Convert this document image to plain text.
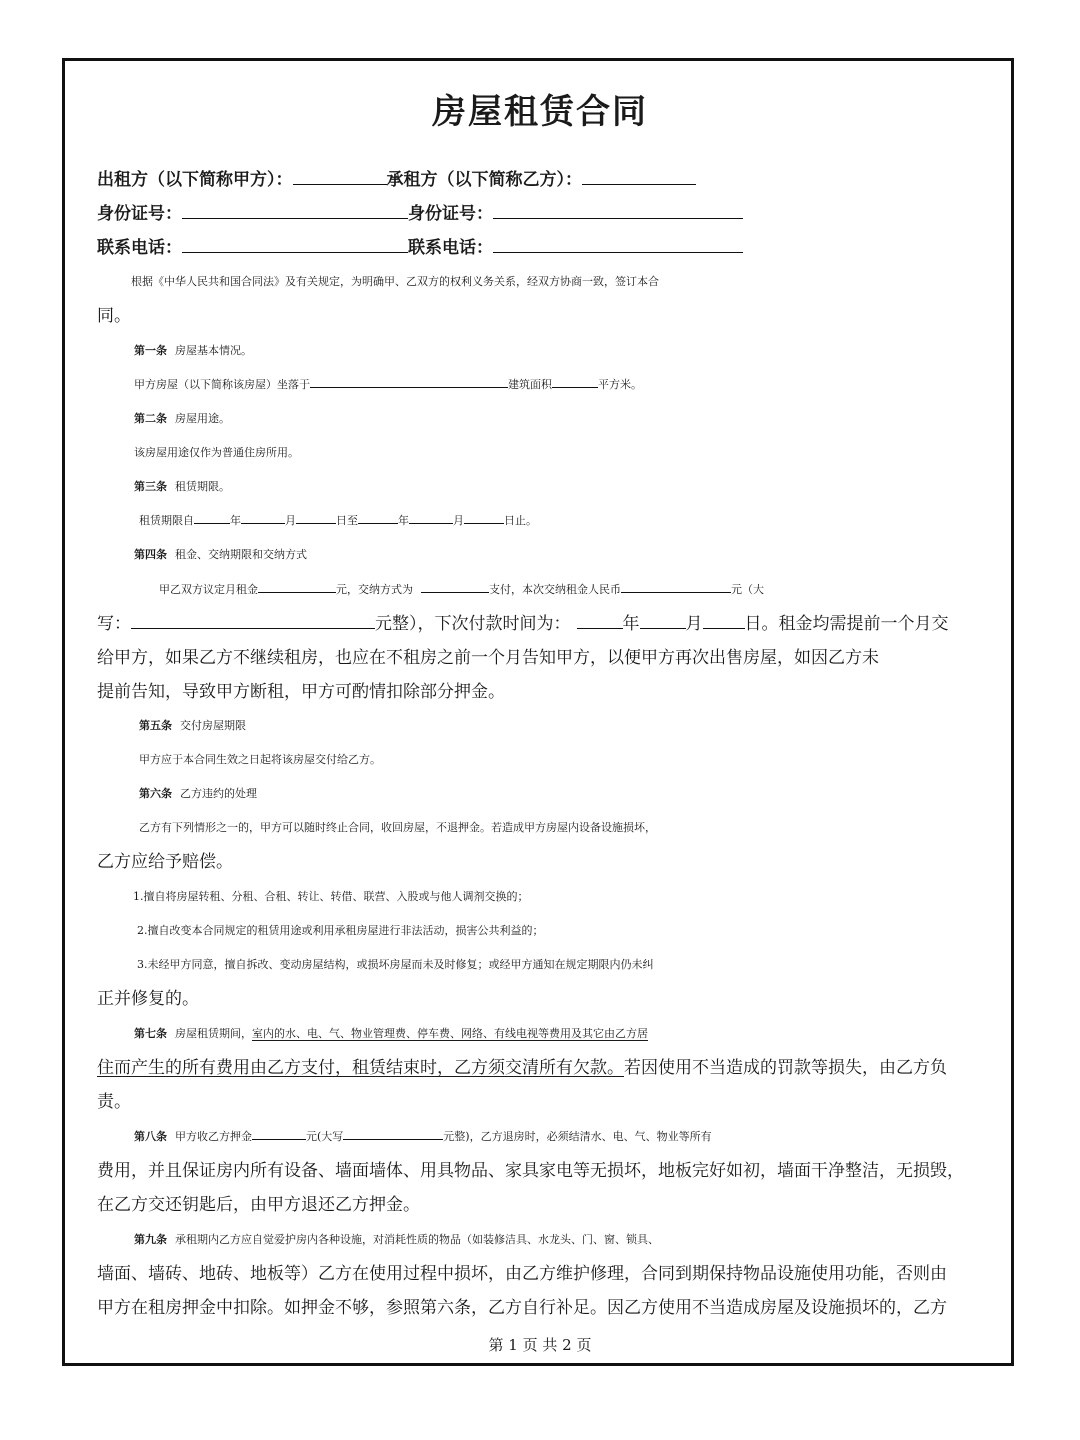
房屋租赁合同

出租方（以下简称甲方）：	承租方（以下简称乙方）：

身份证号：	身份证号：

联系电话：	联系电话：

根据《中华人民共和国合同法》及有关规定，为明确甲、乙双方的权利义务关系，经双方协商一致，签订本合

同。

第一条 房屋基本情况。

甲方房屋（以下简称该房屋）坐落于	建筑面积	平方米。

第二条 房屋用途。

该房屋用途仅作为普通住房所用。

第三条 租赁期限。

租赁期限自	年	月	日至	年	月	日止。

第四条 租金、交纳期限和交纳方式

甲乙双方议定月租金	元，交纳方式为	支付，本次交纳租金人民币	元（大

写：	元整），下次付款时间为：	年	月 日。租金均需提前一个月交

给甲方，如果乙方不继续租房，也应在不租房之前一个月告知甲方，以便甲方再次出售房屋，如因乙方未

提前告知，导致甲方断租，甲方可酌情扣除部分押金。

第五条 交付房屋期限

甲方应于本合同生效之日起将该房屋交付给乙方。

第六条 乙方违约的处理

乙方有下列情形之一的，甲方可以随时终止合同，收回房屋，不退押金。若造成甲方房屋内设备设施损坏，

乙方应给予赔偿。

1.擅自将房屋转租、分租、合租、转让、转借、联营、入股或与他人调剂交换的；

2.擅自改变本合同规定的租赁用途或利用承租房屋进行非法活动，损害公共利益的；

3.未经甲方同意，擅自拆改、变动房屋结构，或损坏房屋而未及时修复；或经甲方通知在规定期限内仍未纠

正并修复的。

第七条 房屋租赁期间，室内的水、电、气、物业管理费、停车费、网络、有线电视等费用及其它由乙方居

住而产生的所有费用由乙方支付，租赁结束时，乙方须交清所有欠款。若因使用不当造成的罚款等损失，由乙方负

责。

第八条 甲方收乙方押金	元(大写	元整)，乙方退房时，必须结清水、电、气、物业等所有

费用，并且保证房内所有设备、墙面墙体、用具物品、家具家电等无损坏，地板完好如初，墙面干净整洁，无损毁，

在乙方交还钥匙后，由甲方退还乙方押金。

第九条 承租期内乙方应自觉爱护房内各种设施，对消耗性质的物品（如装修洁具、水龙头、门、窗、锁具、

墙面、墙砖、地砖、地板等）乙方在使用过程中损坏，由乙方维护修理，合同到期保持物品设施使用功能，否则由

甲方在租房押金中扣除。如押金不够，参照第六条，乙方自行补足。因乙方使用不当造成房屋及设施损坏的，乙方

第 1 页 共 2 页
